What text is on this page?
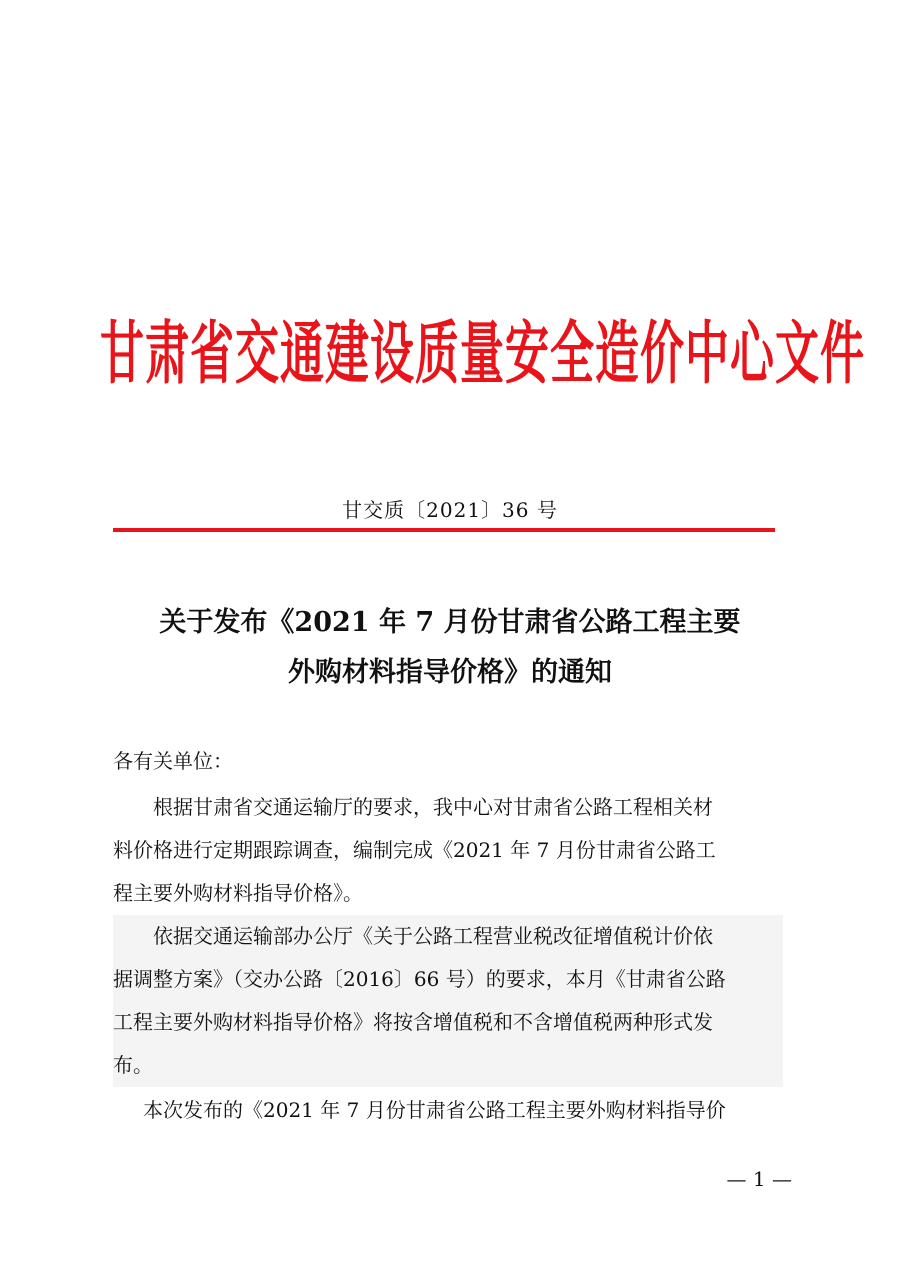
甘肃省交通建设质量安全造价中心文件
甘交质〔2021〕36 号
关于发布《2021 年 7 月份甘肃省公路工程主要
外购材料指导价格》的通知
各有关单位：
根据甘肃省交通运输厅的要求，我中心对甘肃省公路工程相关材
料价格进行定期跟踪调查，编制完成《2021 年 7 月份甘肃省公路工
程主要外购材料指导价格》。
依据交通运输部办公厅《关于公路工程营业税改征增值税计价依
据调整方案》（交办公路〔2016〕66 号）的要求，本月《甘肃省公路
工程主要外购材料指导价格》将按含增值税和不含增值税两种形式发
布。
本次发布的《2021 年 7 月份甘肃省公路工程主要外购材料指导价
— 1 —
